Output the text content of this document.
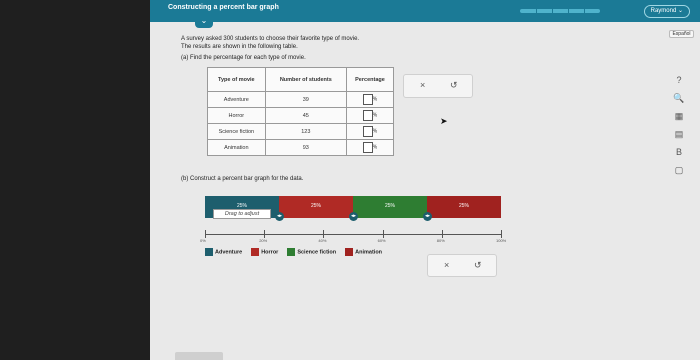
Constructing a percent bar graph	Raymond ⌄
⌄
Español
?
🔍
▦
▤
B
▢
A survey asked 300 students to choose their favorite type of movie.
The results are shown in the following table.
(a) Find the percentage for each type of movie.
Type of movie	Number of students	Percentage
Adventure	39	%
Horror	45	%
Science fiction	123	%
Animation	93	%
×	↺
➤
(b) Construct a percent bar graph for the data.
25%	25%	25%	25%
Drag to adjust	◂▸	◂▸	◂▸
0%	20%	40%	60%	80%	100%
Adventure	Horror	Science fiction	Animation
×	↺
